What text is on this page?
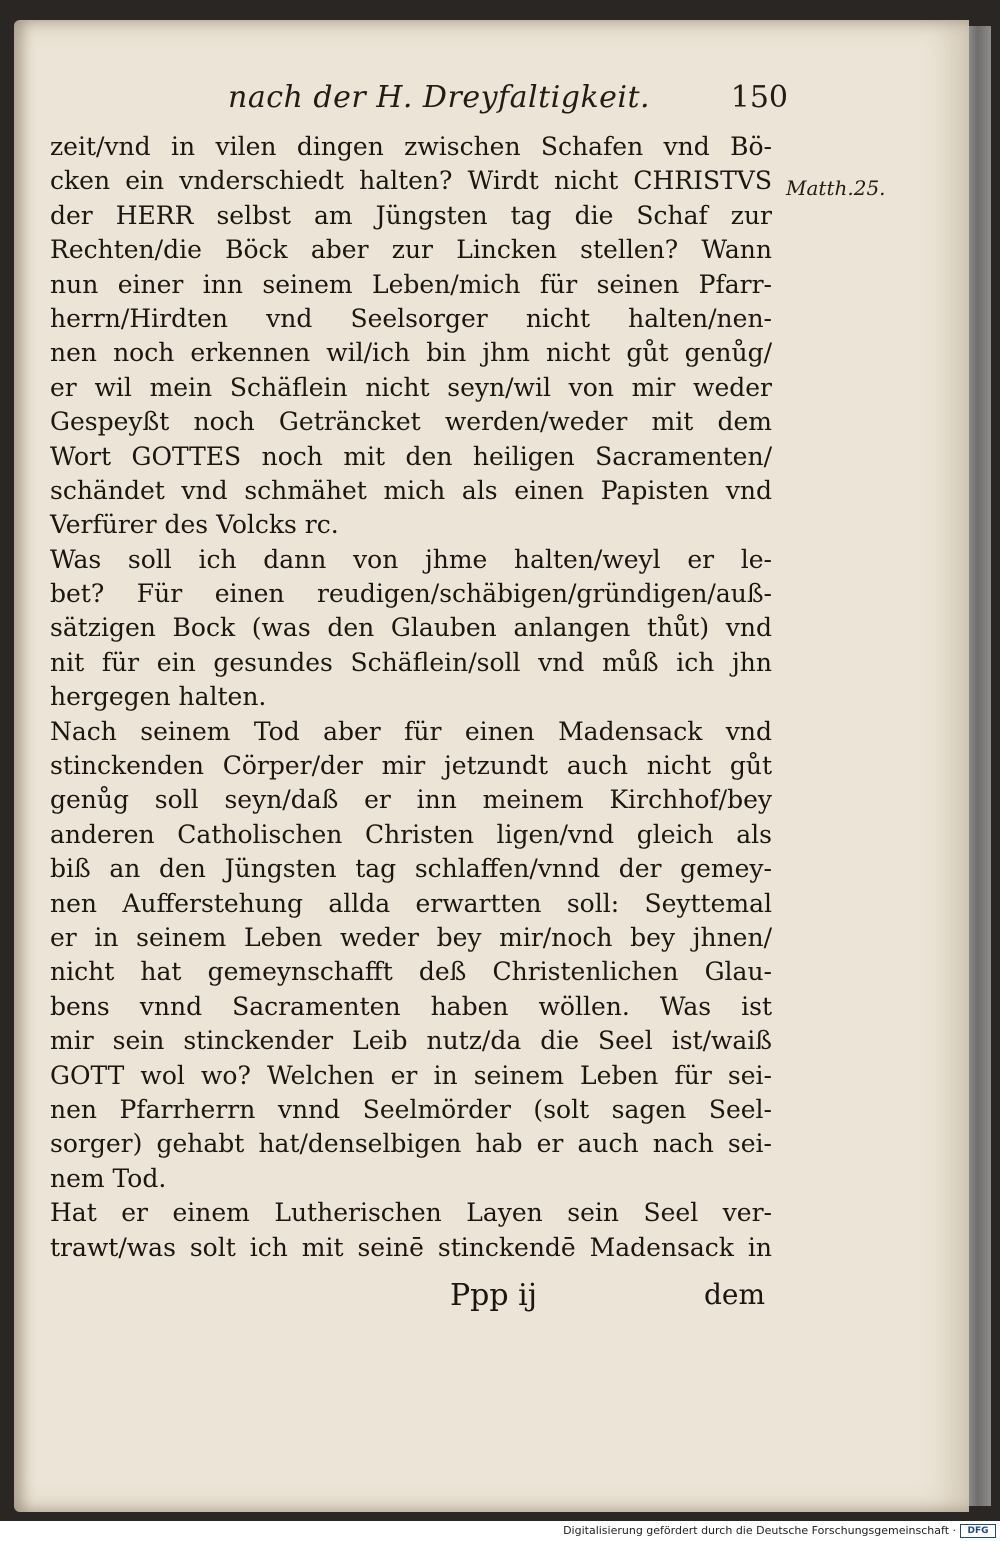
nach der H. Dreyfaltigkeit.	150
Matth.25.
zeit/vnd in vilen dingen zwischen Schafen vnd Bö-
cken ein vnderschiedt halten? Wirdt nicht CHRISTVS
der HERR selbst am Jüngsten tag die Schaf zur
Rechten/die Böck aber zur Lincken stellen? Wann
nun einer inn seinem Leben/mich für seinen Pfarr-
herrn/Hirdten vnd Seelsorger nicht halten/nen-
nen noch erkennen wil/ich bin jhm nicht gůt genůg/
er wil mein Schäflein nicht seyn/wil von mir weder
Gespeyßt noch Geträncket werden/weder mit dem
Wort GOTTES noch mit den heiligen Sacramenten/
schändet vnd schmähet mich als einen Papisten vnd
Verfürer des Volcks rc.
Was soll ich dann von jhme halten/weyl er le-
bet? Für einen reudigen/schäbigen/gründigen/auß-
sätzigen Bock (was den Glauben anlangen thůt) vnd
nit für ein gesundes Schäflein/soll vnd můß ich jhn
hergegen halten.
Nach seinem Tod aber für einen Madensack vnd
stinckenden Cörper/der mir jetzundt auch nicht gůt
genůg soll seyn/daß er inn meinem Kirchhof/bey
anderen Catholischen Christen ligen/vnd gleich als
biß an den Jüngsten tag schlaffen/vnnd der gemey-
nen Aufferstehung allda erwartten soll: Seyttemal
er in seinem Leben weder bey mir/noch bey jhnen/
nicht hat gemeynschafft deß Christenlichen Glau-
bens vnnd Sacramenten haben wöllen. Was ist
mir sein stinckender Leib nutz/da die Seel ist/waiß
GOTT wol wo? Welchen er in seinem Leben für sei-
nen Pfarrherrn vnnd Seelmörder (solt sagen Seel-
sorger) gehabt hat/denselbigen hab er auch nach sei-
nem Tod.
Hat er einem Lutherischen Layen sein Seel ver-
trawt/was solt ich mit seinē stinckendē Madensack in
Ppp ij	dem
Digitalisierung gefördert durch die Deutsche Forschungsgemeinschaft ·	DFG
